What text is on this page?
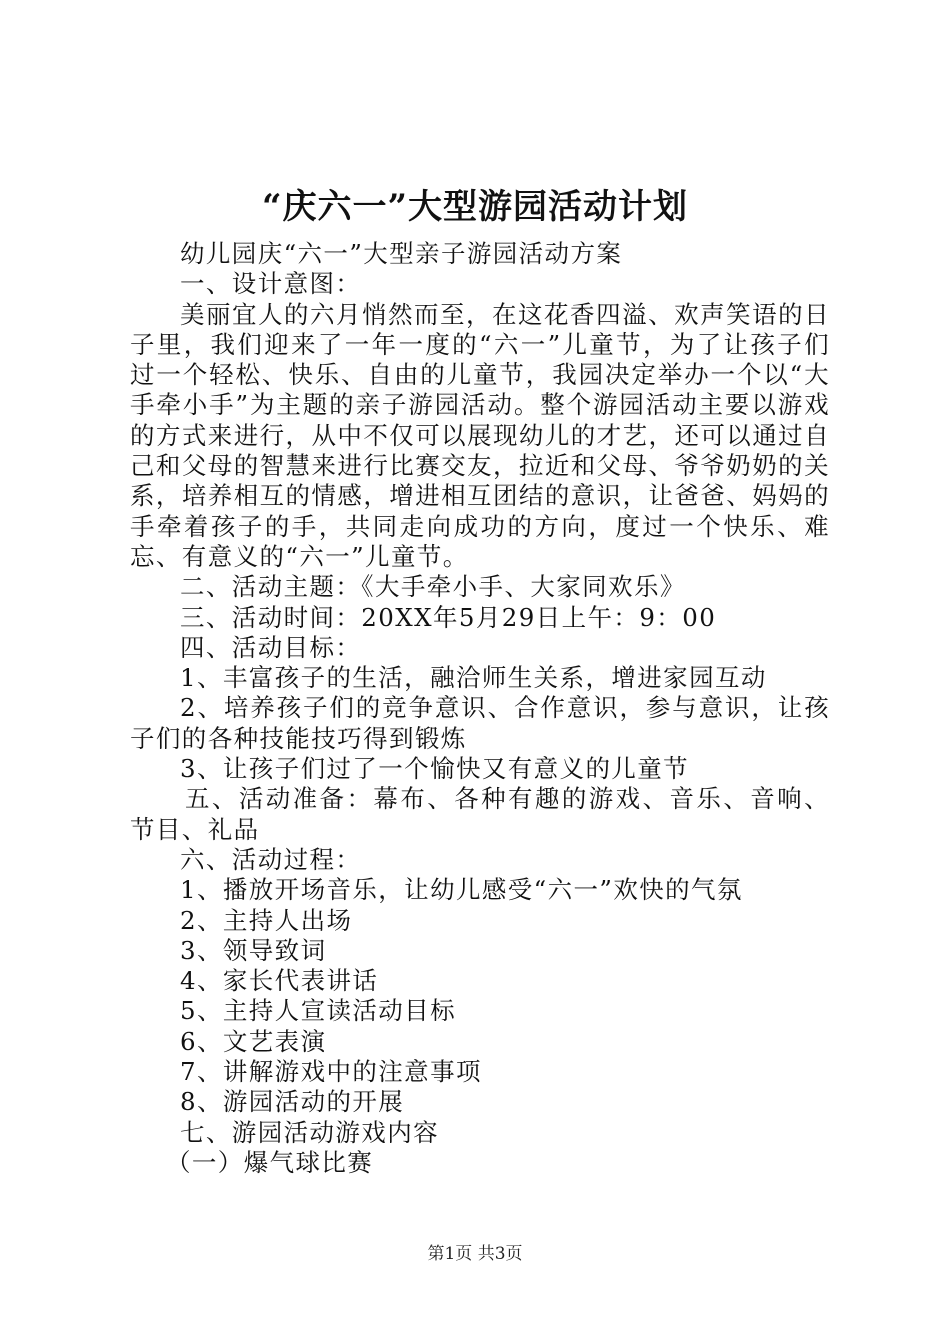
“庆六一”大型游园活动计划

幼儿园庆“六一”大型亲子游园活动方案

一、设计意图：

美丽宜人的六月悄然而至，在这花香四溢、欢声笑语的日子里，我们迎来了一年一度的“六一”儿童节，为了让孩子们过一个轻松、快乐、自由的儿童节，我园决定举办一个以“大手牵小手”为主题的亲子游园活动。整个游园活动主要以游戏的方式来进行，从中不仅可以展现幼儿的才艺，还可以通过自己和父母的智慧来进行比赛交友，拉近和父母、爷爷奶奶的关系，培养相互的情感，增进相互团结的意识，让爸爸、妈妈的手牵着孩子的手，共同走向成功的方向，度过一个快乐、难忘、有意义的“六一”儿童节。

二、活动主题：《大手牵小手、大家同欢乐》

三、活动时间：20XX年5月29日上午：9：00

四、活动目标：

1、丰富孩子的生活，融洽师生关系，增进家园互动

2、培养孩子们的竞争意识、合作意识，参与意识，让孩子们的各种技能技巧得到锻炼

3、让孩子们过了一个愉快又有意义的儿童节

五、活动准备：幕布、各种有趣的游戏、音乐、音响、节目、礼品

六、活动过程：

1、播放开场音乐，让幼儿感受“六一”欢快的气氛

2、主持人出场

3、领导致词

4、家长代表讲话

5、主持人宣读活动目标

6、文艺表演

7、讲解游戏中的注意事项

8、游园活动的开展

七、游园活动游戏内容

（一）爆气球比赛

第1页 共3页
